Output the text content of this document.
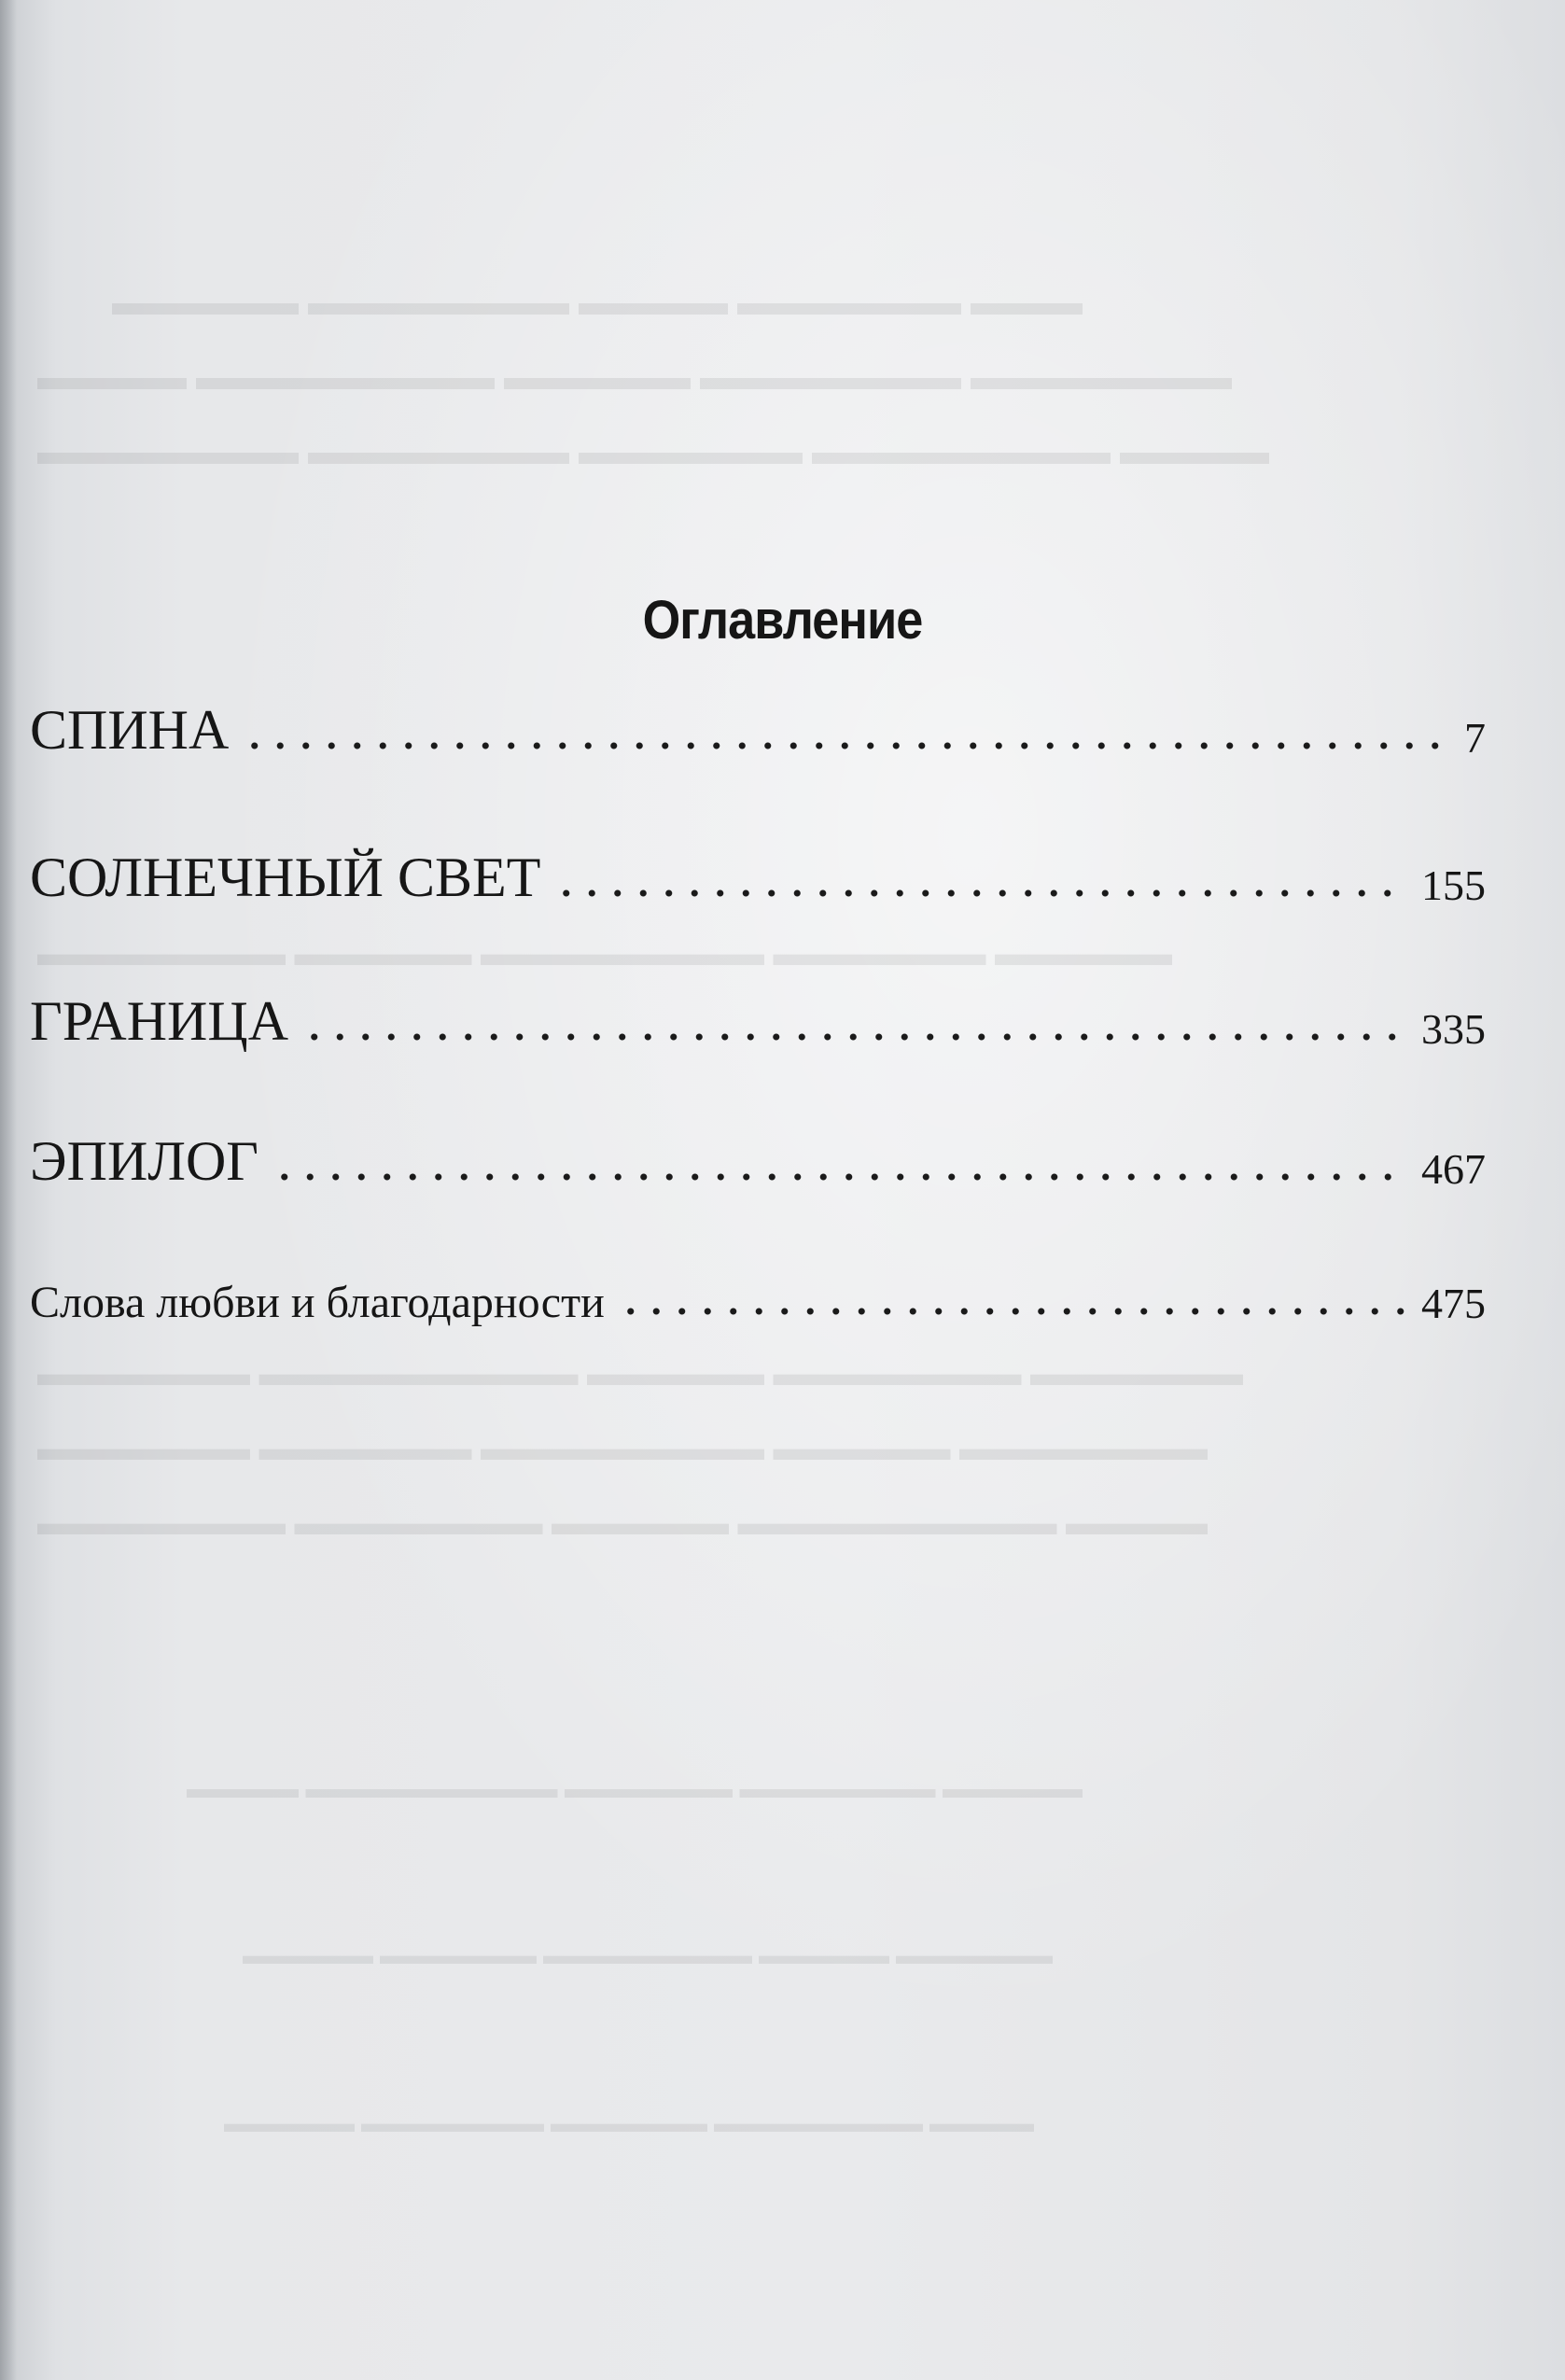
▬▬▬ ▬▬▬▬▬▬ ▬▬▬▬ ▬▬▬▬▬▬▬ ▬▬▬▬▬
▬▬▬▬▬▬▬ ▬▬▬▬▬▬▬ ▬▬▬▬▬ ▬▬▬▬▬▬▬▬ ▬▬▬▬
▬▬▬▬ ▬▬▬▬▬▬▬▬ ▬▬▬▬▬▬ ▬▬▬▬▬▬▬ ▬▬▬▬▬▬▬
▬▬▬▬▬ ▬▬▬▬▬▬ ▬▬▬▬▬▬▬▬ ▬▬▬▬▬ ▬▬▬▬▬▬▬
▬▬▬▬▬▬ ▬▬▬▬▬▬▬ ▬▬▬▬▬ ▬▬▬▬▬▬▬▬▬ ▬▬▬▬▬▬
▬▬▬▬▬▬▬ ▬▬▬▬▬ ▬▬▬▬▬▬▬▬ ▬▬▬▬▬▬ ▬▬▬▬▬▬
▬▬▬▬ ▬▬▬▬▬▬▬▬▬ ▬▬▬▬▬ ▬▬▬▬▬▬▬ ▬▬▬▬▬▬▬
▬▬▬▬▬ ▬▬▬▬▬▬▬ ▬▬▬▬▬▬ ▬▬▬▬▬▬▬▬▬ ▬▬▬▬
▬▬▬▬▬▬ ▬▬▬▬▬ ▬▬▬▬▬▬▬▬ ▬▬▬▬▬▬ ▬▬▬▬▬
▬▬▬▬ ▬▬▬▬▬▬▬▬ ▬▬▬▬▬▬ ▬▬▬▬▬▬▬ ▬▬▬▬▬
Оглавление
СПИНА	7
СОЛНЕЧНЫЙ СВЕТ	155
ГРАНИЦА	335
ЭПИЛОГ	467
Слова любви и благодарности	475
